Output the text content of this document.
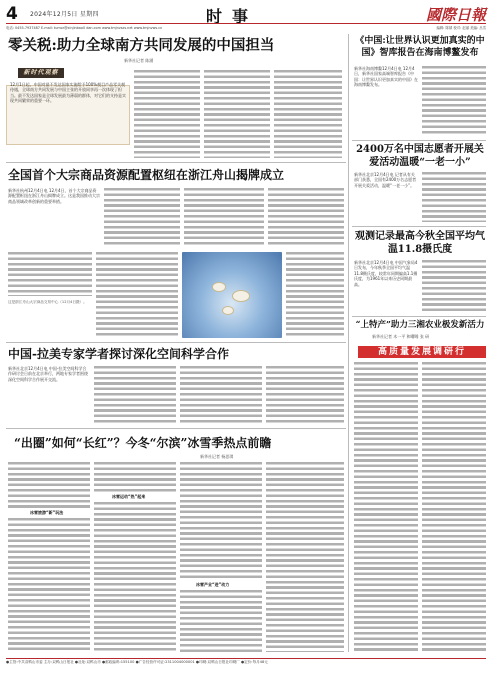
4 2024年12月5日 星期四	时事	國際日報
电话: 0455-7937487 E-mail: tumor@xinjinbao0 dan.com www.tmjnvszs.net www.tmjnvws.cn	编辑: 陈婧 校对: 赵丽 美编: 丛雪
零关税:助力全球南方共同发展的中国担当
新华社记者 陈涵
新时代观察
12月1日起，中国对最不发达国家实施给予100%税目产品零关税待遇，全球南方共同发展与中国主张的开放同享再一次体现了担当。最不发达国家是全球发展最为薄弱的群体，对它们的支持是实现共同繁荣的重要一环。
全国首个大宗商品资源配置枢纽在浙江舟山揭牌成立
新华社杭州12月4日电 12月4日，首个大宗商品资源配置枢纽在浙江舟山揭牌成立。这是我国推动大宗商品领域改革创新的重要举措。
这是浙江舟山大宗商品交易中心（12月4日摄）。
中国-拉美专家学者探讨深化空间科学合作
新华社北京12月4日电 中国-拉美空间科学合作研讨会日前在北京举行，两地专家学者围绕深化空间科学合作展开交流。
“出圈”如何“长红”？今冬“尔滨”冰雪季热点前瞻
新华社记者 杨思琪
冰雪旅游“新”玩法
冰雪运动“热”起来
冰雪产业“进”动力
《中国:让世界认识更加真实的中国》智库报告在海南博鳌发布
新华社海南博鳌12月4日电 12月4日，新华社国家高端智库报告《中国：让世界认识更加真实的中国》在海南博鳌发布。
2400万名中国志愿者开展关爱活动温暖“一老一小”
新华社北京12月4日电 记者从有关部门获悉，全国有2400万名志愿者开展关爱活动，温暖“一老一小”。
观测记录最高今秋全国平均气温11.8摄氏度
新华社北京12月4日电 中国气象局4日发布，今年秋季全国平均气温11.8摄氏度，较常年同期偏高1.1摄氏度，为1961年以来历史同期最高。
“上特产”助力三湘农业极发新活力
新华社记者 木一平 和曙晞 张 研
高质量发展调研行
●主管:中共双鸭山市委 主办:双鸭山日报社 ●社址:双鸭山市 ●邮政编码:155100 ●广告经营许可证:2311004000001 ●印刷:双鸭山日报社印刷厂 ●定价:每月48元
